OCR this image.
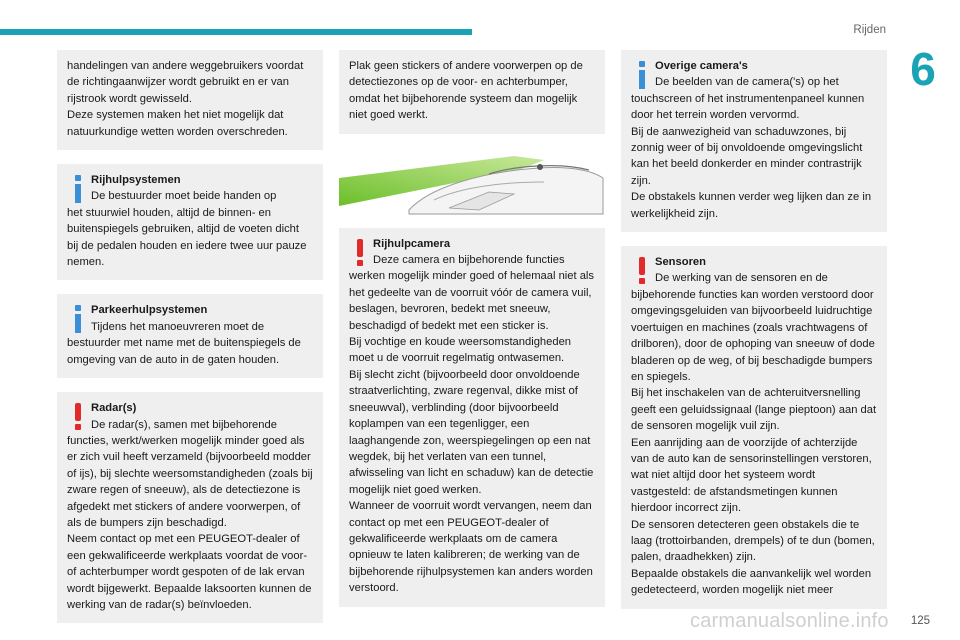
Rijden
6

handelingen van andere weggebruikers voordat de richtingaanwijzer wordt gebruikt en er van rijstrook wordt gewisseld.
Deze systemen maken het niet mogelijk dat natuurkundige wetten worden overschreden.

Rijhulpsystemen

De bestuurder moet beide handen op

het stuurwiel houden, altijd de binnen- en buitenspiegels gebruiken, altijd de voeten dicht bij de pedalen houden en iedere twee uur pauze nemen.

Parkeerhulpsystemen

Tijdens het manoeuvreren moet de

bestuurder met name met de buitenspiegels de omgeving van de auto in de gaten houden.

Radar(s)

De radar(s), samen met bijbehorende

functies, werkt/werken mogelijk minder goed als er zich vuil heeft verzameld (bijvoorbeeld modder of ijs), bij slechte weersomstandigheden (zoals bij zware regen of sneeuw), als de detectiezone is afgedekt met stickers of andere voorwerpen, of als de bumpers zijn beschadigd.
Neem contact op met een PEUGEOT-dealer of een gekwalificeerde werkplaats voordat de voor- of achterbumper wordt gespoten of de lak ervan wordt bijgewerkt. Bepaalde laksoorten kunnen de werking van de radar(s) beïnvloeden.

Plak geen stickers of andere voorwerpen op de detectiezones op de voor- en achterbumper, omdat het bijbehorende systeem dan mogelijk niet goed werkt.

Rijhulpcamera

Deze camera en bijbehorende functies

werken mogelijk minder goed of helemaal niet als het gedeelte van de voorruit vóór de camera vuil, beslagen, bevroren, bedekt met sneeuw, beschadigd of bedekt met een sticker is.
Bij vochtige en koude weersomstandigheden moet u de voorruit regelmatig ontwasemen.
Bij slecht zicht (bijvoorbeeld door onvoldoende straatverlichting, zware regenval, dikke mist of sneeuwval), verblinding (door bijvoorbeeld koplampen van een tegenligger, een laaghangende zon, weerspiegelingen op een nat wegdek, bij het verlaten van een tunnel, afwisseling van licht en schaduw) kan de detectie mogelijk niet goed werken.
Wanneer de voorruit wordt vervangen, neem dan contact op met een PEUGEOT-dealer of gekwalificeerde werkplaats om de camera opnieuw te laten kalibreren; de werking van de bijbehorende rijhulpsystemen kan anders worden verstoord.

Overige camera's

De beelden van de camera('s) op het

touchscreen of het instrumentenpaneel kunnen door het terrein worden vervormd.
Bij de aanwezigheid van schaduwzones, bij zonnig weer of bij onvoldoende omgevingslicht kan het beeld donkerder en minder contrastrijk zijn.
De obstakels kunnen verder weg lijken dan ze in werkelijkheid zijn.

Sensoren

De werking van de sensoren en de

bijbehorende functies kan worden verstoord door omgevingsgeluiden van bijvoorbeeld luidruchtige voertuigen en machines (zoals vrachtwagens of drilboren), door de ophoping van sneeuw of dode bladeren op de weg, of bij beschadigde bumpers en spiegels.
Bij het inschakelen van de achteruitversnelling geeft een geluidssignaal (lange pieptoon) aan dat de sensoren mogelijk vuil zijn.
Een aanrijding aan de voorzijde of achterzijde van de auto kan de sensorinstellingen verstoren, wat niet altijd door het systeem wordt vastgesteld: de afstandsmetingen kunnen hierdoor incorrect zijn.
De sensoren detecteren geen obstakels die te laag (trottoirbanden, drempels) of te dun (bomen, palen, draadhekken) zijn.
Bepaalde obstakels die aanvankelijk wel worden gedetecteerd, worden mogelijk niet meer

125
carmanualsonline.info
